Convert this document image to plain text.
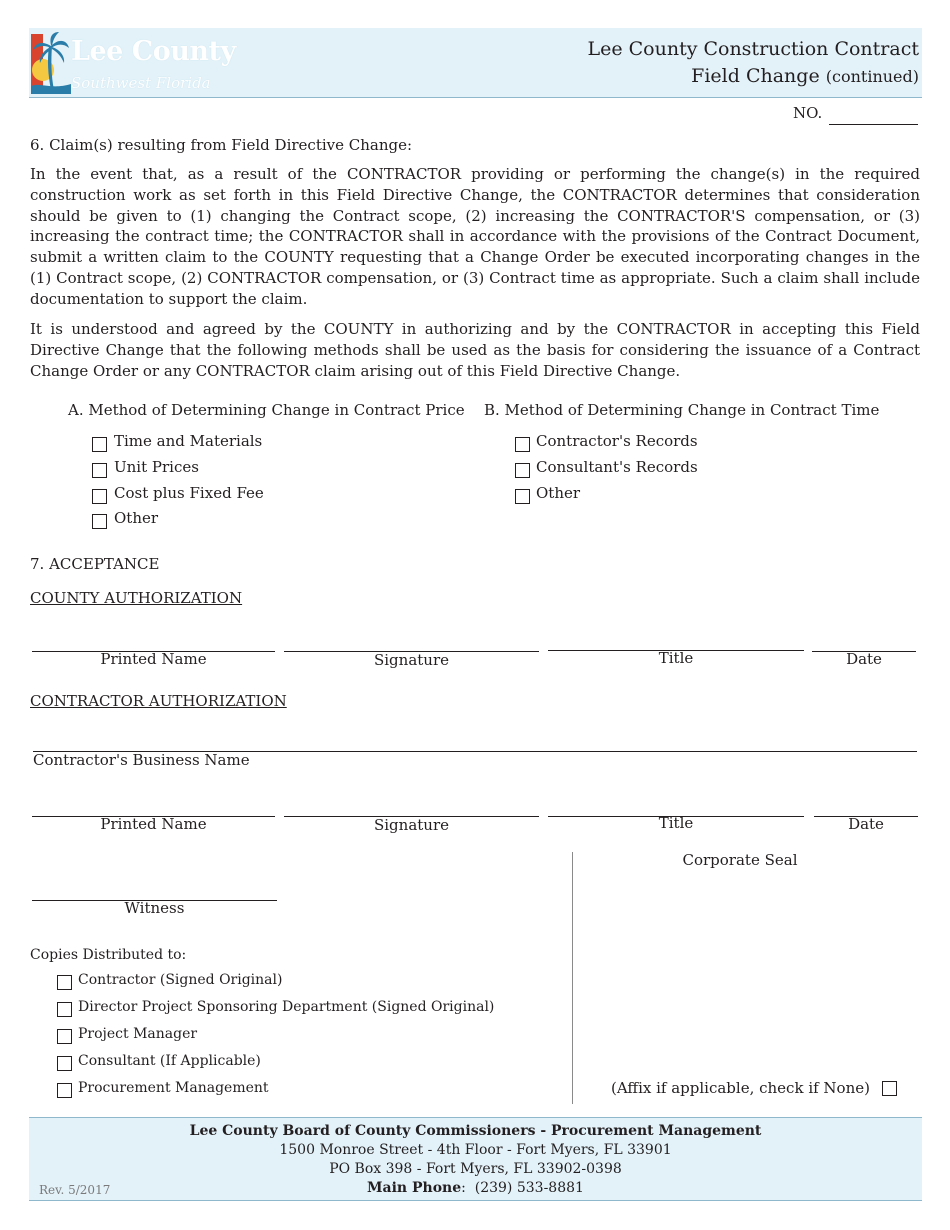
Lee County
Southwest Florida
Lee County Construction Contract
Field Change (continued)
NO.
6. Claim(s) resulting from Field Directive Change:
In the event that, as a result of the CONTRACTOR providing or performing the change(s) in the required construction work as set forth in this Field Directive Change, the CONTRACTOR determines that consideration should be given to (1) changing the Contract scope, (2) increasing the CONTRACTOR'S compensation, or (3) increasing the contract time; the CONTRACTOR shall in accordance with the provisions of the Contract Document, submit a written claim to the COUNTY requesting that a Change Order be executed incorporating changes in the (1) Contract scope, (2) CONTRACTOR compensation, or (3) Contract time as appropriate. Such a claim shall include documentation to support the claim.
It is understood and agreed by the COUNTY in authorizing and by the CONTRACTOR in accepting this Field Directive Change that the following methods shall be used as the basis for considering the issuance of a Contract Change Order or any CONTRACTOR claim arising out of this Field Directive Change.
A. Method of Determining Change in Contract Price B. Method of Determining Change in Contract Time
Time and Materials
Unit Prices
Cost plus Fixed Fee
Other
Contractor's Records
Consultant's Records
Other
7. ACCEPTANCE
COUNTY AUTHORIZATION
Printed Name	Signature	Title	Date
CONTRACTOR AUTHORIZATION
Contractor's Business Name
Printed Name	Signature	Title	Date
Corporate Seal
Witness
Copies Distributed to:
Contractor (Signed Original)
Director Project Sponsoring Department (Signed Original)
Project Manager
Consultant (If Applicable)
Procurement Management	(Affix if applicable, check if None)
Lee County Board of County Commissioners - Procurement Management
1500 Monroe Street - 4th Floor - Fort Myers, FL 33901
PO Box 398 - Fort Myers, FL 33902-0398
Main Phone:  (239) 533-8881
Rev. 5/2017
